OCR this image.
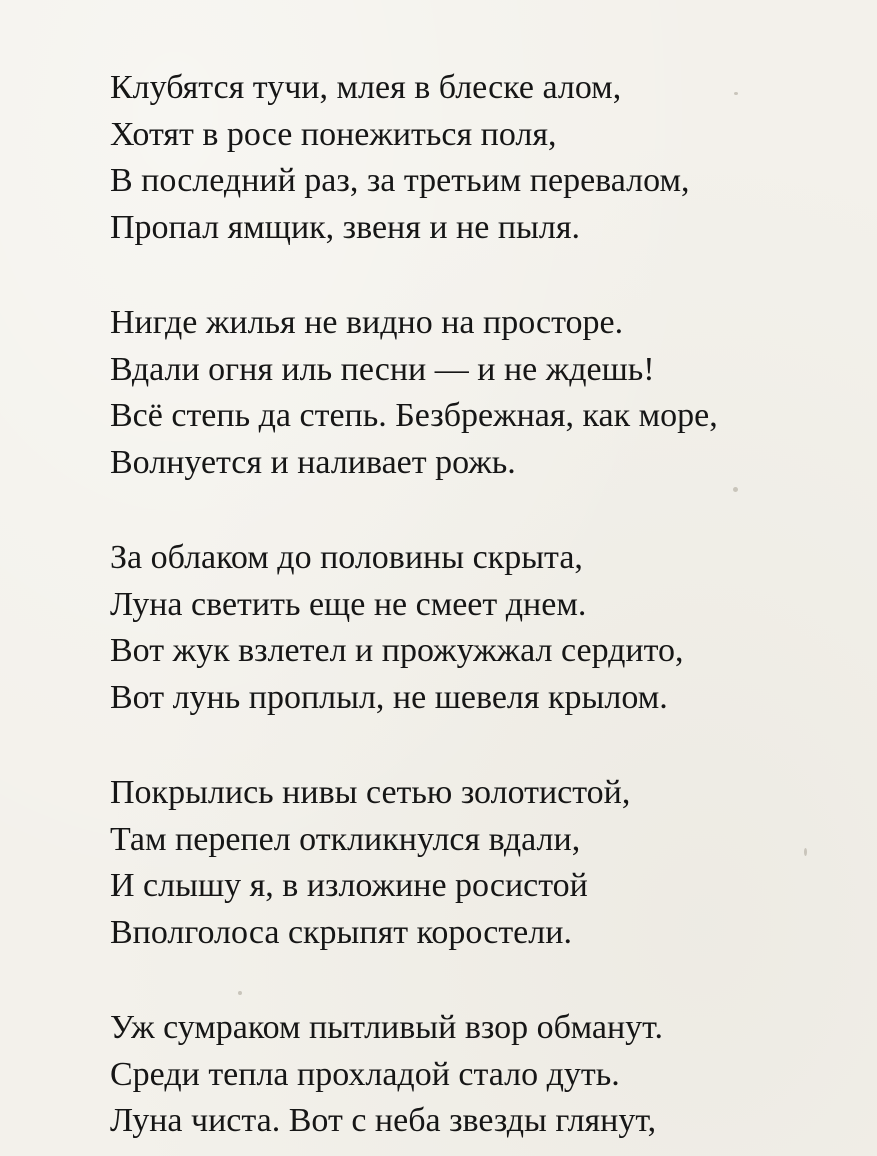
Клубятся тучи, млея в блеске алом,
Хотят в росе понежиться поля,
В последний раз, за третьим перевалом,
Пропал ямщик, звеня и не пыля.
Нигде жилья не видно на просторе.
Вдали огня иль песни — и не ждешь!
Всё степь да степь. Безбрежная, как море,
Волнуется и наливает рожь.
За облаком до половины скрыта,
Луна светить еще не смеет днем.
Вот жук взлетел и прожужжал сердито,
Вот лунь проплыл, не шевеля крылом.
Покрылись нивы сетью золотистой,
Там перепел откликнулся вдали,
И слышу я, в изложине росистой
Вполголоса скрыпят коростели.
Уж сумраком пытливый взор обманут.
Среди тепла прохладой стало дуть.
Луна чиста. Вот с неба звезды глянут,
